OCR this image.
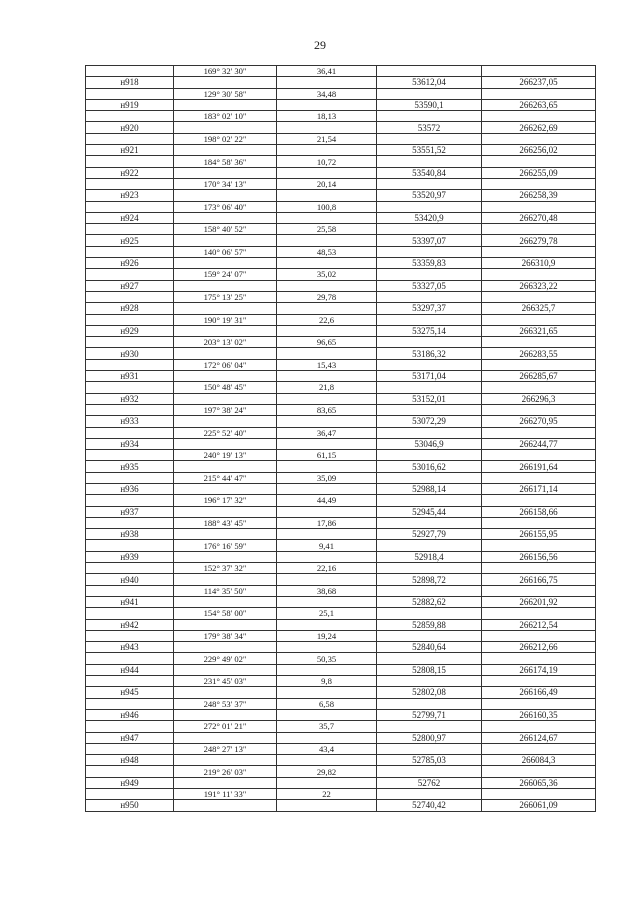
29
	169° 32' 30"	36,41		
н918			53612,04	266237,05
	129° 30' 58"	34,48		
н919			53590,1	266263,65
	183° 02' 10"	18,13		
н920			53572	266262,69
	198° 02' 22"	21,54		
н921			53551,52	266256,02
	184° 58' 36"	10,72		
н922			53540,84	266255,09
	170° 34' 13"	20,14		
н923			53520,97	266258,39
	173° 06' 40"	100,8		
н924			53420,9	266270,48
	158° 40' 52"	25,58		
н925			53397,07	266279,78
	140° 06' 57"	48,53		
н926			53359,83	266310,9
	159° 24' 07"	35,02		
н927			53327,05	266323,22
	175° 13' 25"	29,78		
н928			53297,37	266325,7
	190° 19' 31"	22,6		
н929			53275,14	266321,65
	203° 13' 02"	96,65		
н930			53186,32	266283,55
	172° 06' 04"	15,43		
н931			53171,04	266285,67
	150° 48' 45"	21,8		
н932			53152,01	266296,3
	197° 38' 24"	83,65		
н933			53072,29	266270,95
	225° 52' 40"	36,47		
н934			53046,9	266244,77
	240° 19' 13"	61,15		
н935			53016,62	266191,64
	215° 44' 47"	35,09		
н936			52988,14	266171,14
	196° 17' 32"	44,49		
н937			52945,44	266158,66
	188° 43' 45"	17,86		
н938			52927,79	266155,95
	176° 16' 59"	9,41		
н939			52918,4	266156,56
	152° 37' 32"	22,16		
н940			52898,72	266166,75
	114° 35' 50"	38,68		
н941			52882,62	266201,92
	154° 58' 00"	25,1		
н942			52859,88	266212,54
	179° 38' 34"	19,24		
н943			52840,64	266212,66
	229° 49' 02"	50,35		
н944			52808,15	266174,19
	231° 45' 03"	9,8		
н945			52802,08	266166,49
	248° 53' 37"	6,58		
н946			52799,71	266160,35
	272° 01' 21"	35,7		
н947			52800,97	266124,67
	248° 27' 13"	43,4		
н948			52785,03	266084,3
	219° 26' 03"	29,82		
н949			52762	266065,36
	191° 11' 33"	22		
н950			52740,42	266061,09
